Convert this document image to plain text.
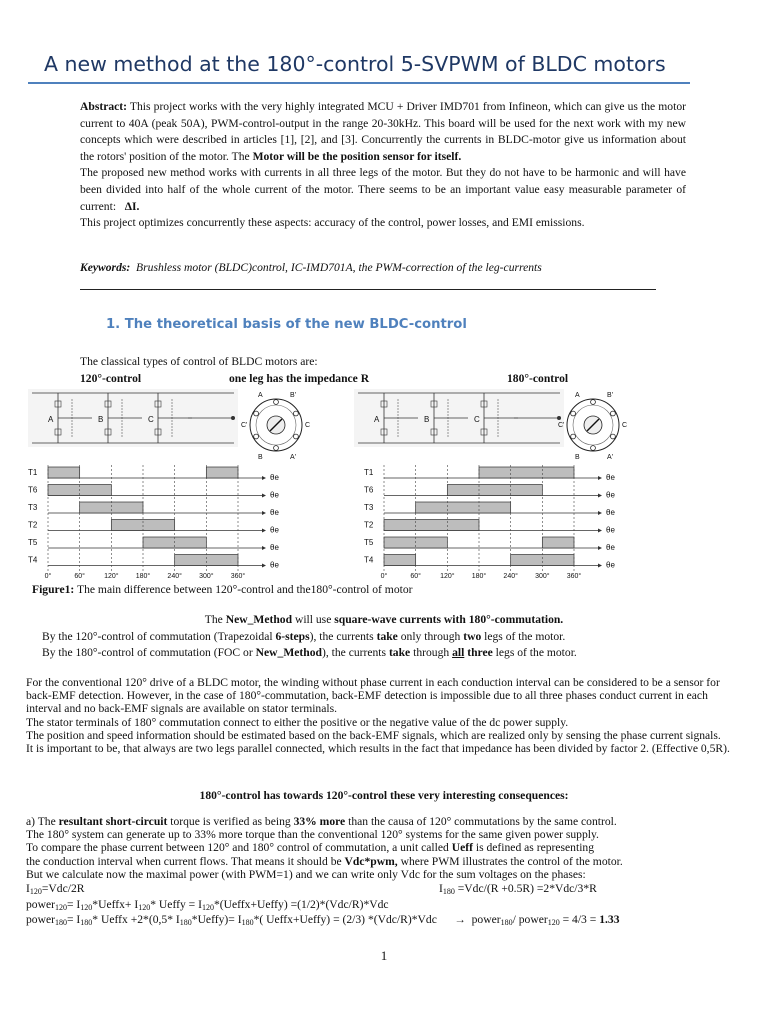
A new method at the 180°-control 5-SVPWM of BLDC motors

Abstract: This project works with the very highly integrated MCU + Driver IMD701 from Infineon, which can give us the motor current to 40A (peak 50A), PWM-control-output in the range 20-30kHz. This board will be used for the next work with my new concepts which were described in articles [1], [2], and [3]. Concurrently the currents in BLDC-motor give us information about the rotors' position of the motor. The Motor will be the position sensor for itself.

The proposed new method works with currents in all three legs of the motor. But they do not have to be harmonic and will have been divided into half of the whole current of the motor. There seems to be an important value easy measurable parameter of current: ΔI.

This project optimizes concurrently these aspects: accuracy of the control, power losses, and EMI emissions.

Keywords: Brushless motor (BLDC)control, IC-IMD701A, the PWM-correction of the leg-currents
1. The theoretical basis of the new BLDC-control
The classical types of control of BLDC motors are:
120°-control	one leg has the impedance R	180°-control
A	B	C	A	B	C
A	B'
C'	C
B	A'
A	B'
C'	C
B	A'
T1
θe
T6
θe
T3
θe
T2
θe
T5
θe
T4
θe
0°	60°	120° 180° 240° 300° 360°
T1
θe
T6
θe
T3
θe
T2
θe
T5
θe
T4
θe
0°	60°	120° 180° 240° 300° 360°
Figure1: The main difference between 120°-control and the180°-control of motor
The New_Method will use square-wave currents with 180°-commutation.
By the 120°-control of commutation (Trapezoidal 6-steps), the currents take only through two legs of the motor.
By the 180°-control of commutation (FOC or New_Method), the currents take through all three legs of the motor.

For the conventional 120° drive of a BLDC motor, the winding without phase current in each conduction interval can be considered to be a sensor for back-EMF detection. However, in the case of 180°-commutation, back-EMF detection is impossible due to all three phases conduct current in each interval and no back-EMF signals are available on stator terminals.

The stator terminals of 180° commutation connect to either the positive or the negative value of the dc power supply.

The position and speed information should be estimated based on the back-EMF signals, which are realized only by sensing the phase current signals.

It is important to be, that always are two legs parallel connected, which results in the fact that impedance has been divided by factor 2. (Effective 0,5R).

180°-control has towards 120°-control these very interesting consequences:

a) The resultant short-circuit torque is verified as being 33% more than the causa of 120° commutations by the same control.

The 180° system can generate up to 33% more torque than the conventional 120° systems for the same given power supply.

To compare the phase current between 120° and 180° control of commutation, a unit called Ueff is defined as representing

the conduction interval when current flows. That means it should be Vdc*pwm, where PWM illustrates the control of the motor.

But we calculate now the maximal power (with PWM=1) and we can write only Vdc for the sum voltages on the phases:

$I_{120}=Vdc/2R$	$I_{180} =Vdc/(R +0.5R) =2*Vdc/3*R$
power$_{120}$= $I_{120}*Ueffx+ I_{120}*$ Ueffy = $I_{120}*(Ueffx+Ueffy) =(1/2)*(Vdc/R)*Vdc$
power$_{180}$= $I_{180}*$ Ueffx +2*(0,5* $I_{180}*Ueffy)= I_{180}*$( Ueffx+Ueffy) = (2/3) *(Vdc/R)*Vdc      →  power$_{180}$/ power$_{120}$ = 4/3 = 1.33
1
